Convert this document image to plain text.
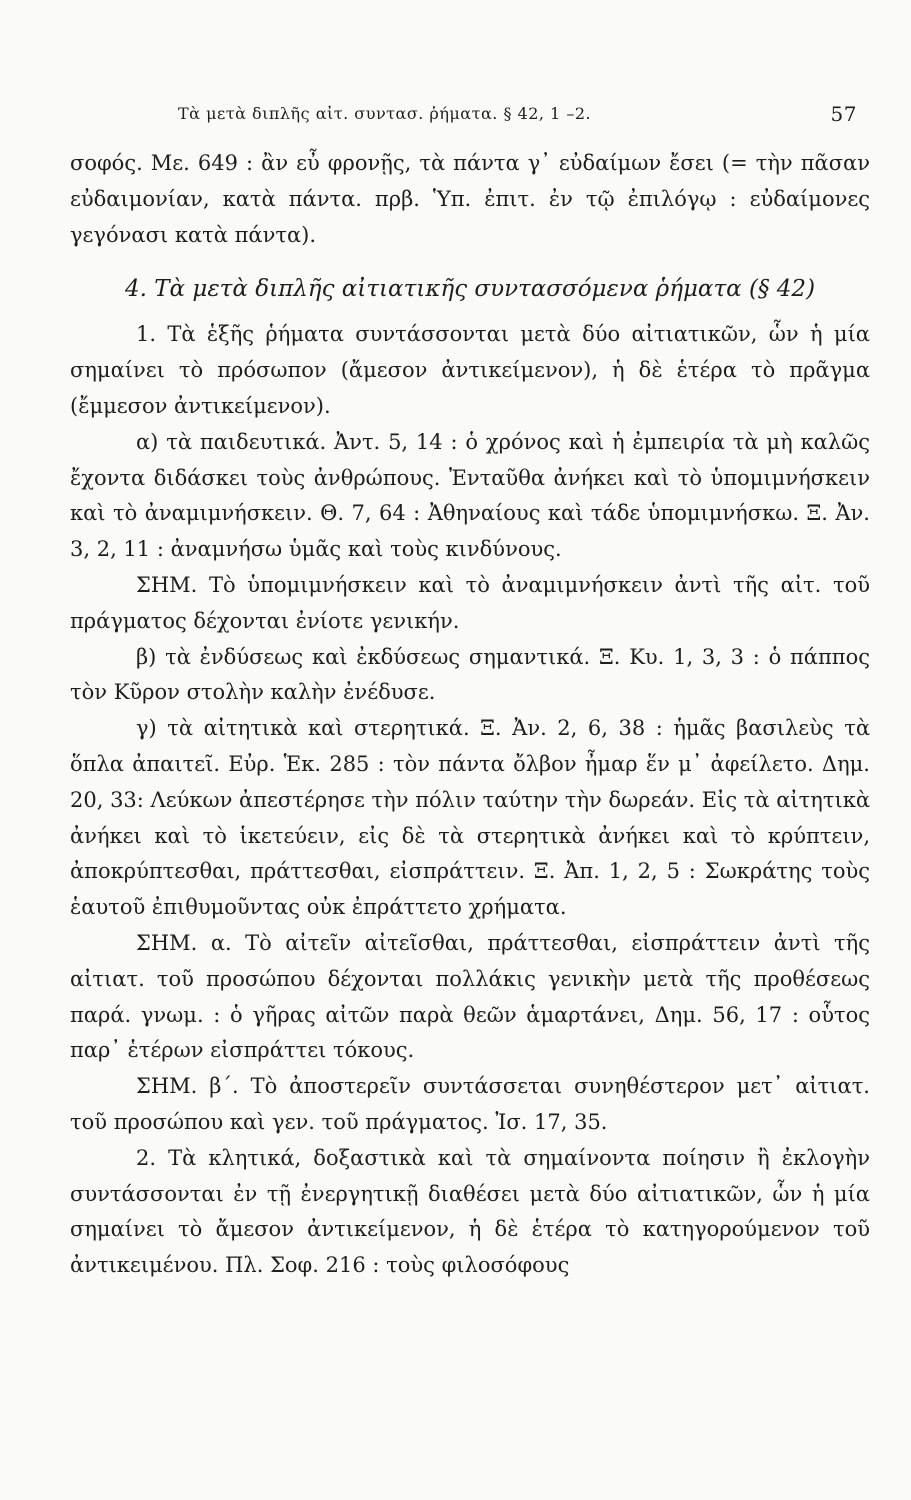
Τὰ μετὰ διπλῆς αἰτ. συντασ. ῥήματα. § 42, 1 –2.	57

σοφός. Με. 649 : ἂν εὖ φρονῇς, τὰ πάντα γ᾽ εὐδαίμων ἔσει (= τὴν πᾶσαν εὐδαιμονίαν, κατὰ πάντα. πρβ. Ὑπ. ἐπιτ. ἐν τῷ ἐπιλόγῳ : εὐδαίμονες γεγόνασι κατὰ πάντα).

4. Τὰ μετὰ διπλῆς αἰτιατικῆς συντασσόμενα ῥήματα (§ 42)

1. Τὰ ἑξῆς ῥήματα συντάσσονται μετὰ δύο αἰτιατικῶν, ὧν ἡ μία σημαίνει τὸ πρόσωπον (ἄμεσον ἀντικείμενον), ἡ δὲ ἑτέρα τὸ πρᾶγμα (ἔμμεσον ἀντικείμενον).

α) τὰ παιδευτικά. Ἀντ. 5, 14 : ὁ χρόνος καὶ ἡ ἐμπειρία τὰ μὴ καλῶς ἔχοντα διδάσκει τοὺς ἀνθρώπους. Ἐνταῦθα ἀνήκει καὶ τὸ ὑπομιμνήσκειν καὶ τὸ ἀναμιμνήσκειν. Θ. 7, 64 : Ἀθηναίους καὶ τάδε ὑπομιμνήσκω. Ξ. Ἀν. 3, 2, 11 : ἀναμνήσω ὑμᾶς καὶ τοὺς κινδύνους.

ΣΗΜ. Τὸ ὑπομιμνήσκειν καὶ τὸ ἀναμιμνήσκειν ἀντὶ τῆς αἰτ. τοῦ πράγματος δέχονται ἐνίοτε γενικήν.

β) τὰ ἐνδύσεως καὶ ἐκδύσεως σημαντικά. Ξ. Κυ. 1, 3, 3 : ὁ πάππος τὸν Κῦρον στολὴν καλὴν ἐνέδυσε.

γ) τὰ αἰτητικὰ καὶ στερητικά. Ξ. Ἀν. 2, 6, 38 : ἡμᾶς βασιλεὺς τὰ ὅπλα ἀπαιτεῖ. Εὐρ. Ἑκ. 285 : τὸν πάντα ὄλβον ἦμαρ ἕν μ᾽ ἀφείλετο. Δημ. 20, 33: Λεύκων ἀπεστέρησε τὴν πόλιν ταύτην τὴν δωρεάν. Εἰς τὰ αἰτητικὰ ἀνήκει καὶ τὸ ἱκετεύειν, εἰς δὲ τὰ στερητικὰ ἀνήκει καὶ τὸ κρύπτειν, ἀποκρύπτεσθαι, πράττεσθαι, εἰσπράττειν. Ξ. Ἀπ. 1, 2, 5 : Σωκράτης τοὺς ἑαυτοῦ ἐπιθυμοῦντας οὐκ ἐπράττετο χρήματα.

ΣΗΜ. α. Τὸ αἰτεῖν αἰτεῖσθαι, πράττεσθαι, εἰσπράττειν ἀντὶ τῆς αἰτιατ. τοῦ προσώπου δέχονται πολλάκις γενικὴν μετὰ τῆς προθέσεως παρά. γνωμ. : ὁ γῆρας αἰτῶν παρὰ θεῶν ἁμαρτάνει, Δημ. 56, 17 : οὗτος παρ᾽ ἑτέρων εἰσπράττει τόκους.

ΣΗΜ. β΄. Τὸ ἀποστερεῖν συντάσσεται συνηθέστερον μετ᾽ αἰτιατ. τοῦ προσώπου καὶ γεν. τοῦ πράγματος. Ἰσ. 17, 35.

2. Τὰ κλητικά, δοξαστικὰ καὶ τὰ σημαίνοντα ποίησιν ἢ ἐκλογὴν συντάσσονται ἐν τῇ ἐνεργητικῇ διαθέσει μετὰ δύο αἰτιατικῶν, ὧν ἡ μία σημαίνει τὸ ἄμεσον ἀντικείμενον, ἡ δὲ ἑτέρα τὸ κατηγορούμενον τοῦ ἀντικειμένου. Πλ. Σοφ. 216 : τοὺς φιλοσόφους
